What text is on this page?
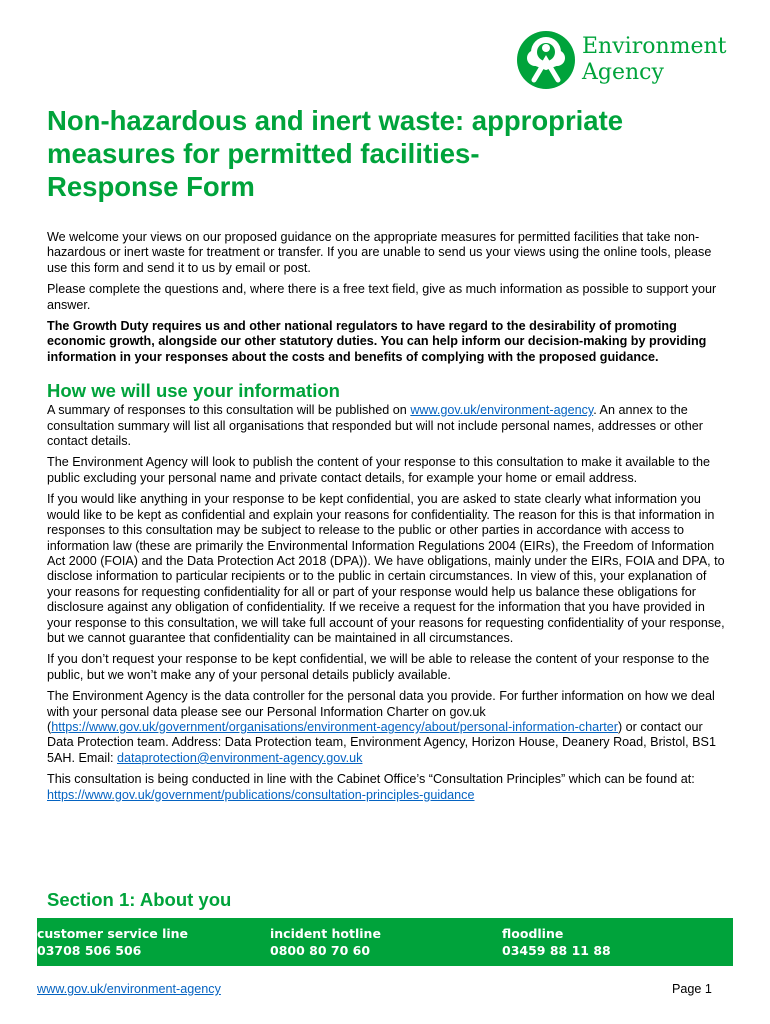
Environment
Agency
Non-hazardous and inert waste: appropriate
measures for permitted facilities-
Response Form

We welcome your views on our proposed guidance on the appropriate measures for permitted facilities that take non-hazardous or inert waste for treatment or transfer. If you are unable to send us your views using the online tools, please use this form and send it to us by email or post.

Please complete the questions and, where there is a free text field, give as much information as possible to support your answer.

The Growth Duty requires us and other national regulators to have regard to the desirability of promoting economic growth, alongside our other statutory duties. You can help inform our decision-making by providing information in your responses about the costs and benefits of complying with the proposed guidance.

How we will use your information

A summary of responses to this consultation will be published on www.gov.uk/environment-agency. An annex to the consultation summary will list all organisations that responded but will not include personal names, addresses or other contact details.

The Environment Agency will look to publish the content of your response to this consultation to make it available to the public excluding your personal name and private contact details, for example your home or email address.

If you would like anything in your response to be kept confidential, you are asked to state clearly what information you would like to be kept as confidential and explain your reasons for confidentiality. The reason for this is that information in responses to this consultation may be subject to release to the public or other parties in accordance with access to information law (these are primarily the Environmental Information Regulations 2004 (EIRs), the Freedom of Information Act 2000 (FOIA) and the Data Protection Act 2018 (DPA)). We have obligations, mainly under the EIRs, FOIA and DPA, to disclose information to particular recipients or to the public in certain circumstances. In view of this, your explanation of your reasons for requesting confidentiality for all or part of your response would help us balance these obligations for disclosure against any obligation of confidentiality. If we receive a request for the information that you have provided in your response to this consultation, we will take full account of your reasons for requesting confidentiality of your response, but we cannot guarantee that confidentiality can be maintained in all circumstances.

If you don’t request your response to be kept confidential, we will be able to release the content of your response to the public, but we won’t make any of your personal details publicly available.

The Environment Agency is the data controller for the personal data you provide. For further information on how we deal with your personal data please see our Personal Information Charter on gov.uk (https://www.gov.uk/government/organisations/environment-agency/about/personal-information-charter) or contact our Data Protection team. Address: Data Protection team, Environment Agency, Horizon House, Deanery Road, Bristol, BS1 5AH. Email: dataprotection@environment-agency.gov.uk

This consultation is being conducted in line with the Cabinet Office’s “Consultation Principles” which can be found at: https://www.gov.uk/government/publications/consultation-principles-guidance

Section 1: About you
customer service line
03708 506 506
incident hotline
0800 80 70 60
floodline
03459 88 11 88
www.gov.uk/environment-agency	Page 1
